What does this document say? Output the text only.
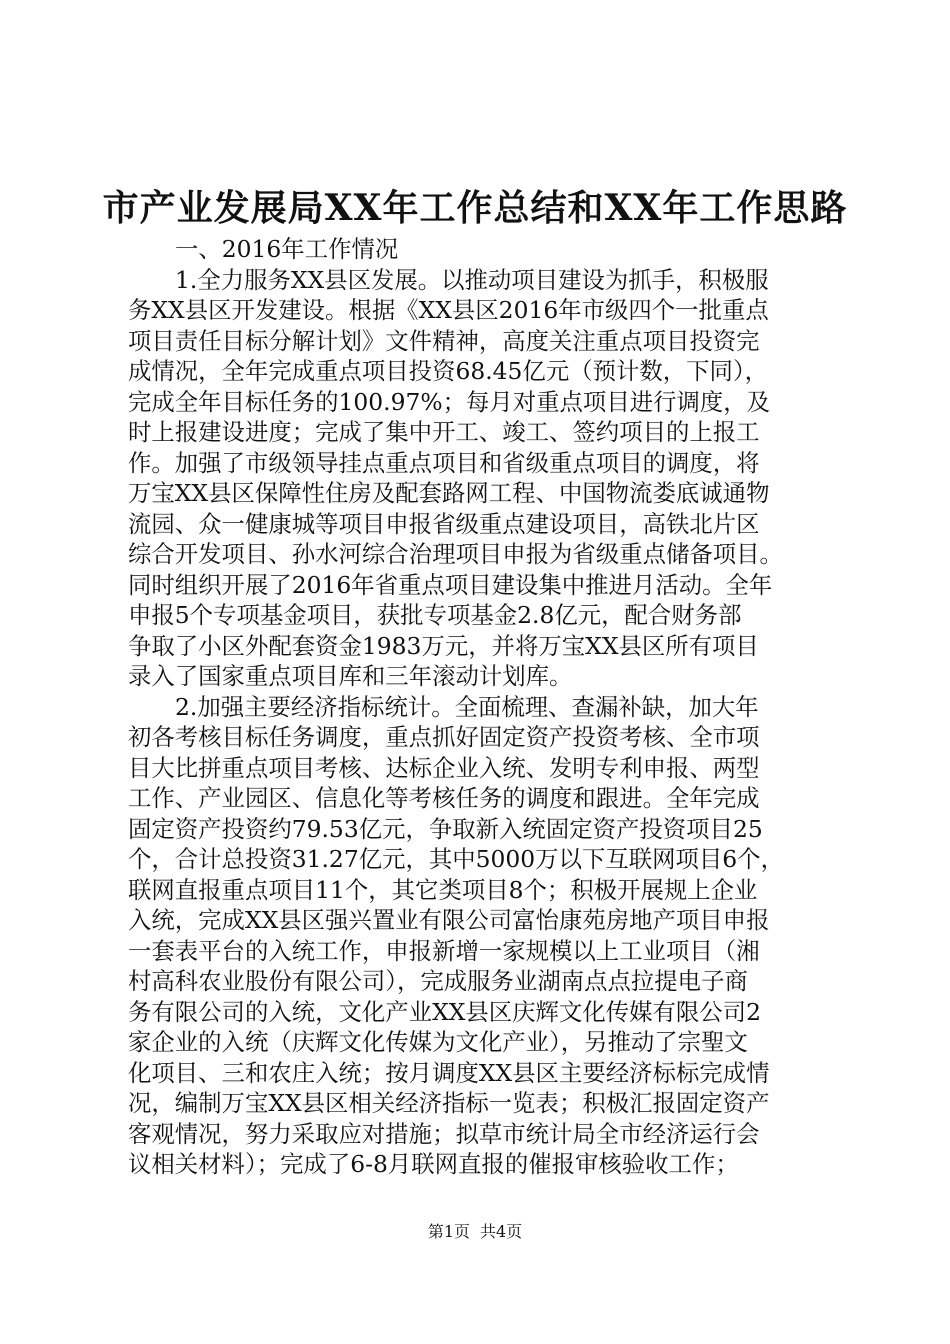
市产业发展局XX年工作总结和XX年工作思路
一、2016年工作情况
1.全力服务XX县区发展。以推动项目建设为抓手，积极服
务XX县区开发建设。根据《XX县区2016年市级四个一批重点
项目责任目标分解计划》文件精神，高度关注重点项目投资完
成情况，全年完成重点项目投资68.45亿元（预计数，下同），
完成全年目标任务的100.97%；每月对重点项目进行调度，及
时上报建设进度；完成了集中开工、竣工、签约项目的上报工
作。加强了市级领导挂点重点项目和省级重点项目的调度，将
万宝XX县区保障性住房及配套路网工程、中国物流娄底诚通物
流园、众一健康城等项目申报省级重点建设项目，高铁北片区
综合开发项目、孙水河综合治理项目申报为省级重点储备项目。
同时组织开展了2016年省重点项目建设集中推进月活动。全年
申报5个专项基金项目，获批专项基金2.8亿元，配合财务部
争取了小区外配套资金1983万元，并将万宝XX县区所有项目
录入了国家重点项目库和三年滚动计划库。
2.加强主要经济指标统计。全面梳理、查漏补缺，加大年
初各考核目标任务调度，重点抓好固定资产投资考核、全市项
目大比拼重点项目考核、达标企业入统、发明专利申报、两型
工作、产业园区、信息化等考核任务的调度和跟进。全年完成
固定资产投资约79.53亿元，争取新入统固定资产投资项目25
个，合计总投资31.27亿元，其中5000万以下互联网项目6个，
联网直报重点项目11个，其它类项目8个；积极开展规上企业
入统，完成XX县区强兴置业有限公司富怡康苑房地产项目申报
一套表平台的入统工作，申报新增一家规模以上工业项目（湘
村高科农业股份有限公司），完成服务业湖南点点拉提电子商
务有限公司的入统，文化产业XX县区庆辉文化传媒有限公司2
家企业的入统（庆辉文化传媒为文化产业），另推动了宗聖文
化项目、三和农庄入统；按月调度XX县区主要经济标标完成情
况，编制万宝XX县区相关经济指标一览表；积极汇报固定资产
客观情况，努力采取应对措施；拟草市统计局全市经济运行会
议相关材料）；完成了6-8月联网直报的催报审核验收工作；
第1页 共4页
